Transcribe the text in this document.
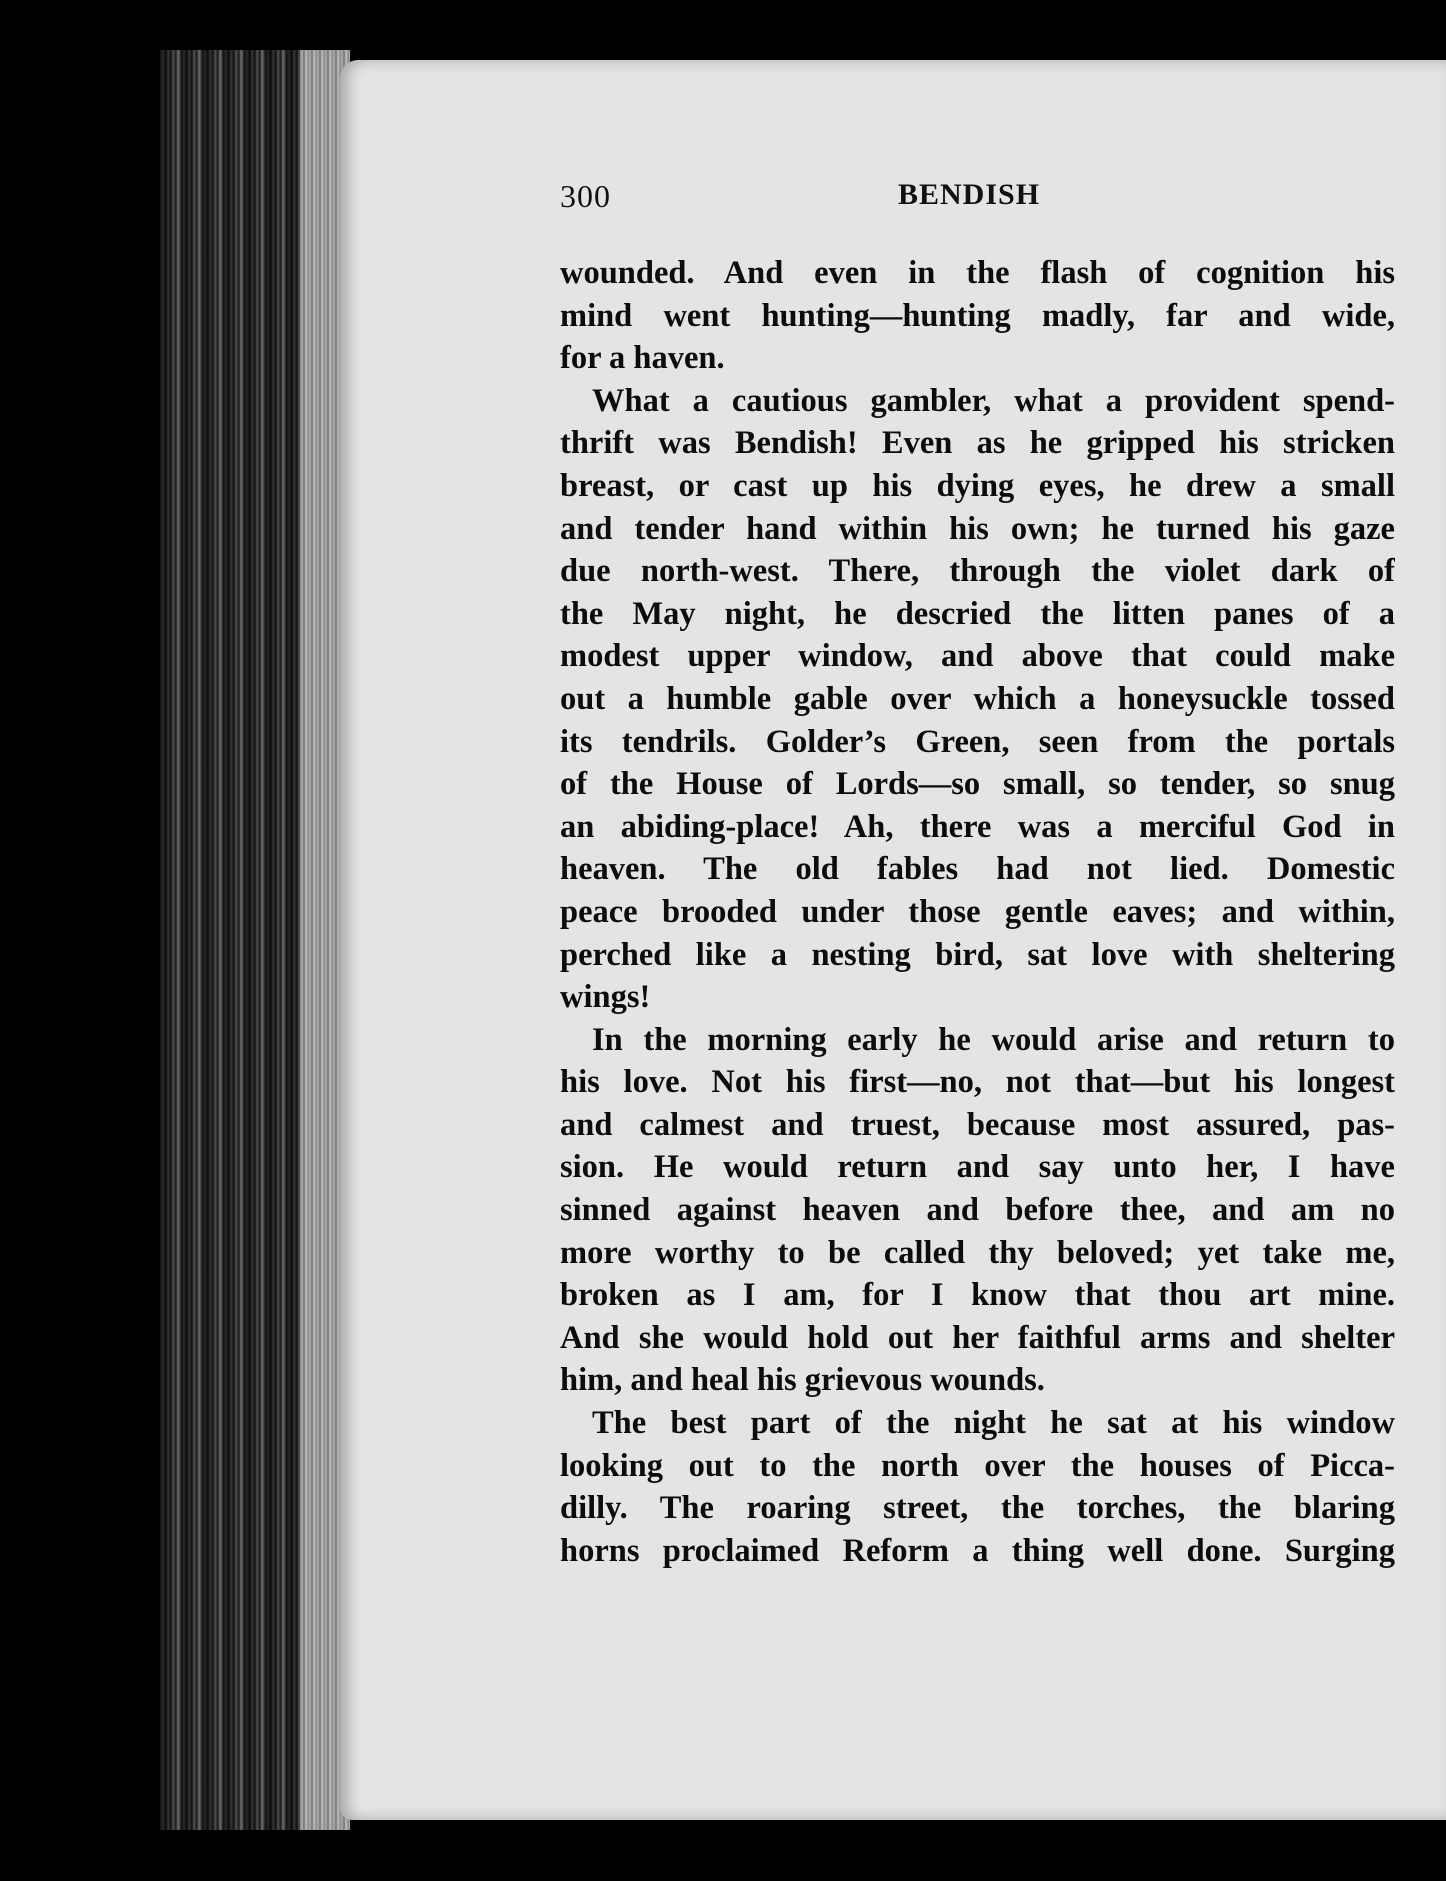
300	BENDISH
wounded. And even in the flash of cognition his
mind went hunting—hunting madly, far and wide,
for a haven.
What a cautious gambler, what a provident spend-
thrift was Bendish! Even as he gripped his stricken
breast, or cast up his dying eyes, he drew a small
and tender hand within his own; he turned his gaze
due north-west. There, through the violet dark of
the May night, he descried the litten panes of a
modest upper window, and above that could make
out a humble gable over which a honeysuckle tossed
its tendrils. Golder’s Green, seen from the portals
of the House of Lords—so small, so tender, so snug
an abiding-place! Ah, there was a merciful God in
heaven. The old fables had not lied. Domestic
peace brooded under those gentle eaves; and within,
perched like a nesting bird, sat love with sheltering
wings!
In the morning early he would arise and return to
his love. Not his first—no, not that—but his longest
and calmest and truest, because most assured, pas-
sion. He would return and say unto her, I have
sinned against heaven and before thee, and am no
more worthy to be called thy beloved; yet take me,
broken as I am, for I know that thou art mine.
And she would hold out her faithful arms and shelter
him, and heal his grievous wounds.
The best part of the night he sat at his window
looking out to the north over the houses of Picca-
dilly. The roaring street, the torches, the blaring
horns proclaimed Reform a thing well done. Surging
